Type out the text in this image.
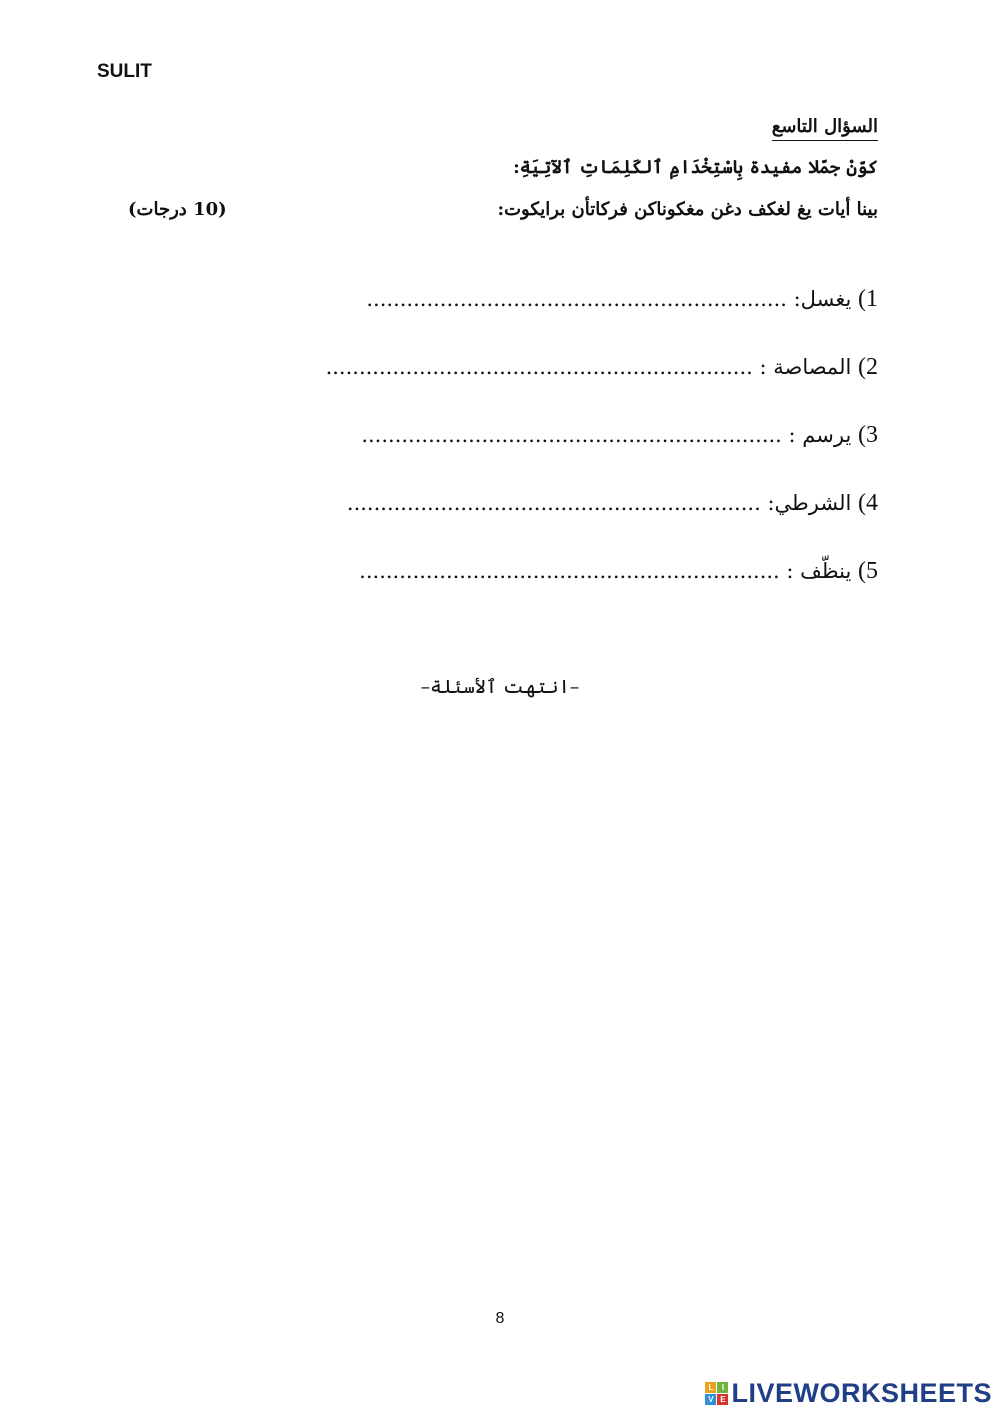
SULIT
السؤال التاسع
كوّنْ جمّلا مفيدة بِاسْتِخْدَامِ ٱلكَلِمَاتِ ٱلآتِيَةِ:
بينا أيات يغ لغكف دغن مغكوناكن فركاتأن برايكوت:
(10 درجات)
1) يغسل: ...............................................................
2) المصاصة : ................................................................
3) يرسم : ...............................................................
4) الشرطي: ..............................................................
5) ينظّف : ...............................................................
–انتهت ٱلأسئلة–
8
L	I
V E LIVEWORKSHEETS
